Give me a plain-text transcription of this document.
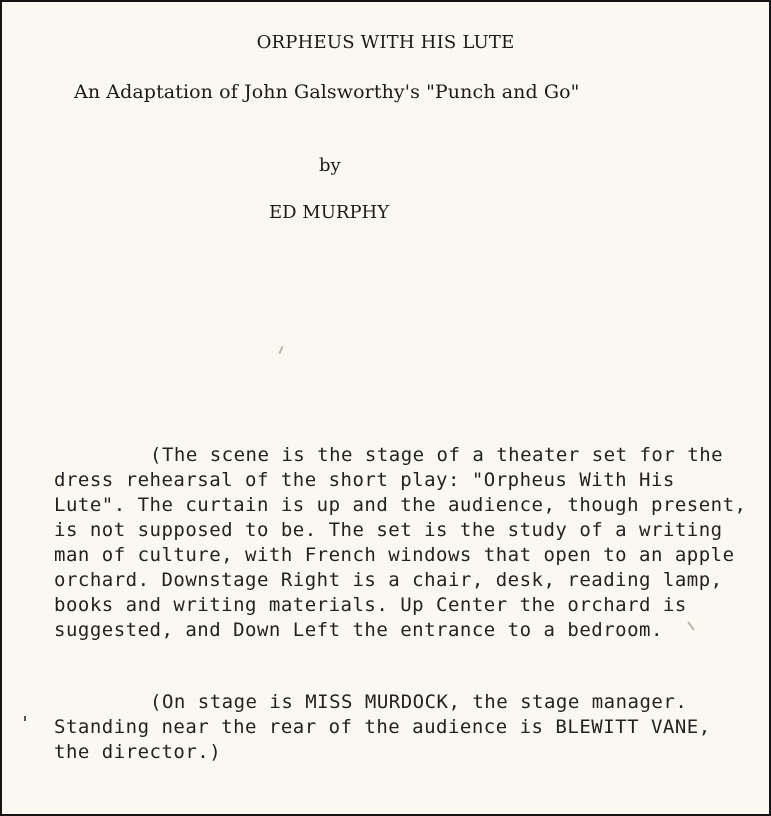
ORPHEUS WITH HIS LUTE
An Adaptation of John Galsworthy's "Punch and Go"
by
ED MURPHY
(The scene is the stage of a theater set for the
dress rehearsal of the short play: "Orpheus With His
Lute". The curtain is up and the audience, though present,
is not supposed to be. The set is the study of a writing
man of culture, with French windows that open to an apple
orchard. Downstage Right is a chair, desk, reading lamp,
books and writing materials. Up Center the orchard is
suggested, and Down Left the entrance to a bedroom.
(On stage is MISS MURDOCK, the stage manager.
Standing near the rear of the audience is BLEWITT VANE,
the director.)
